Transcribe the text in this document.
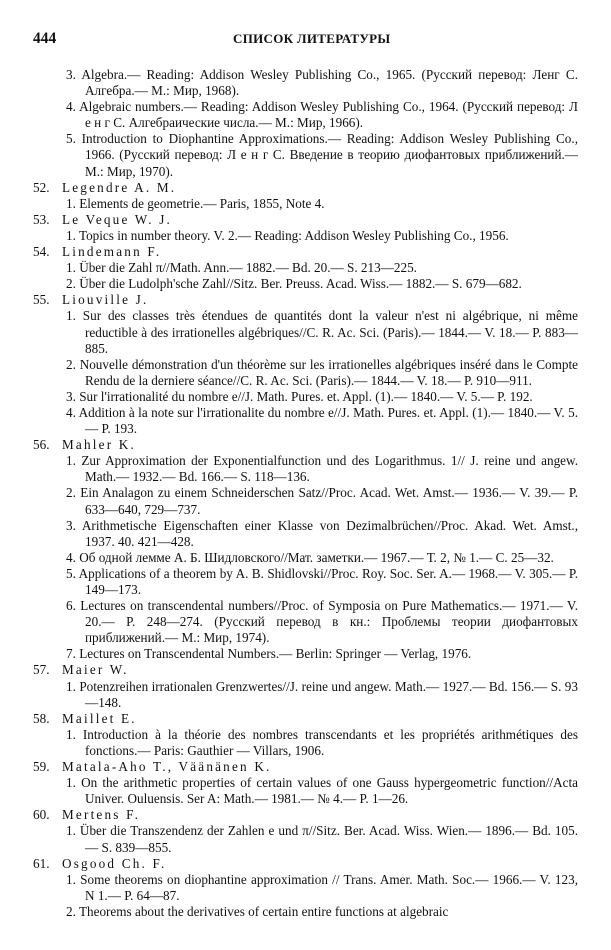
444	СПИСОК ЛИТЕРАТУРЫ
3. Algebra.— Reading: Addison Wesley Publishing Co., 1965. (Русский перевод: Ленг С. Алгебра.— М.: Мир, 1968).
4. Algebraic numbers.— Reading: Addison Wesley Publishing Co., 1964. (Русский перевод: Л е н г С. Алгебраические числа.— М.: Мир, 1966).
5. Introduction to Diophantine Approximations.— Reading: Addison Wesley Publishing Co., 1966. (Русский перевод: Л е н г С. Введение в теорию диофантовых приближений.— М.: Мир, 1970).
52. Legendre A. M.
1. Elements de geometrie.— Paris, 1855, Note 4.
53. Le Veque W. J.
1. Topics in number theory. V. 2.— Reading: Addison Wesley Publishing Co., 1956.
54. Lindemann F.
1. Über die Zahl π//Math. Ann.— 1882.— Bd. 20.— S. 213—225.
2. Über die Ludolph'sche Zahl//Sitz. Ber. Preuss. Acad. Wiss.— 1882.— S. 679—682.
55. Liouville J.
1. Sur des classes très étendues de quantités dont la valeur n'est ni algébrique, ni même reductible à des irrationelles algébriques//C. R. Ac. Sci. (Paris).— 1844.— V. 18.— P. 883—885.
2. Nouvelle démonstration d'un théorème sur les irrationelles algébriques inséré dans le Compte Rendu de la derniere séance//C. R. Ac. Sci. (Paris).— 1844.— V. 18.— P. 910—911.
3. Sur l'irrationalité du nombre e//J. Math. Pures. et. Appl. (1).— 1840.— V. 5.— P. 192.
4. Addition à la note sur l'irrationalite du nombre e//J. Math. Pures. et. Appl. (1).— 1840.— V. 5.— P. 193.
56. Mahler K.
1. Zur Approximation der Exponentialfunction und des Logarithmus. 1// J. reine und angew. Math.— 1932.— Bd. 166.— S. 118—136.
2. Ein Analagon zu einem Schneiderschen Satz//Proc. Acad. Wet. Amst.— 1936.— V. 39.— P. 633—640, 729—737.
3. Arithmetische Eigenschaften einer Klasse von Dezimalbrüchen//Proc. Akad. Wet. Amst., 1937. 40. 421—428.
4. Об одной лемме А. Б. Шидловского//Мат. заметки.— 1967.— Т. 2, № 1.— С. 25—32.
5. Applications of a theorem by A. B. Shidlovski//Proc. Roy. Soc. Ser. A.— 1968.— V. 305.— P. 149—173.
6. Lectures on transcendental numbers//Proc. of Symposia on Pure Mathematics.— 1971.— V. 20.— P. 248—274. (Русский перевод в кн.: Проблемы теории диофантовых приближений.— М.: Мир, 1974).
7. Lectures on Transcendental Numbers.— Berlin: Springer — Verlag, 1976.
57. Maier W.
1. Potenzreihen irrationalen Grenzwertes//J. reine und angew. Math.— 1927.— Bd. 156.— S. 93—148.
58. Maillet E.
1. Introduction à la théorie des nombres transcendants et les propriétés arithmétiques des fonctions.— Paris: Gauthier — Villars, 1906.
59. Matala-Aho T., Väänänen K.
1. On the arithmetic properties of certain values of one Gauss hypergeometric function//Acta Univer. Ouluensis. Ser A: Math.— 1981.— № 4.— P. 1—26.
60. Mertens F.
1. Über die Transzendenz der Zahlen e und π//Sitz. Ber. Acad. Wiss. Wien.— 1896.— Bd. 105.— S. 839—855.
61. Osgood Ch. F.
1. Some theorems on diophantine approximation // Trans. Amer. Math. Soc.— 1966.— V. 123, N 1.— P. 64—87.
2. Theorems about the derivatives of certain entire functions at algebraic
